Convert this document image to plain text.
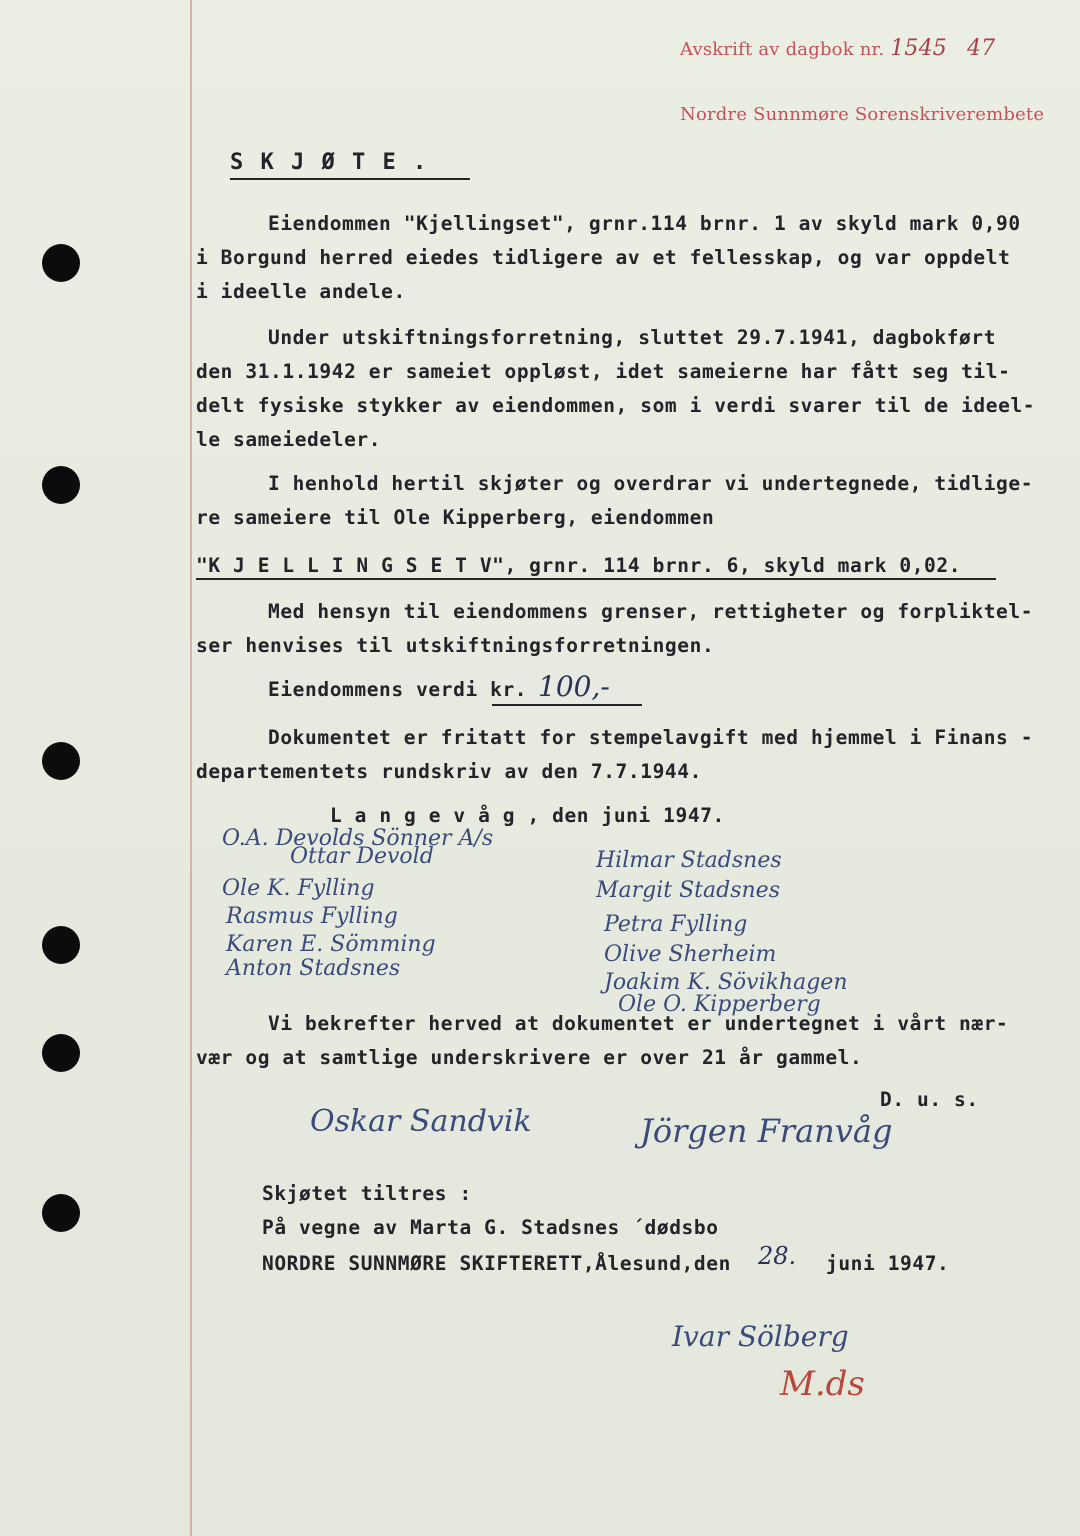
Avskrift av dagbok nr. 1545 47
Nordre Sunnmøre Sorenskriverembete
S K J Ø T E .
Eiendommen "Kjellingset", grnr.114 brnr. 1 av skyld mark 0,90
i Borgund herred eiedes tidligere av et fellesskap, og var oppdelt
i ideelle andele.
Under utskiftningsforretning, sluttet 29.7.1941, dagbokført
den 31.1.1942 er sameiet oppløst, idet sameierne har fått seg til-
delt fysiske stykker av eiendommen, som i verdi svarer til de ideel-
le sameiedeler.
I henhold hertil skjøter og overdrar vi undertegnede, tidlige-
re sameiere til Ole Kipperberg, eiendommen
"K J E L L I N G S E T V", grnr. 114 brnr. 6, skyld mark 0,02.
Med hensyn til eiendommens grenser, rettigheter og forpliktel-
ser henvises til utskiftningsforretningen.
Eiendommens verdi kr. 100,-
Dokumentet er fritatt for stempelavgift med hjemmel i Finans -
departementets rundskriv av den 7.7.1944.
L a n g e v å g , den juni 1947.
O.A. Devolds Sönner A/s
Ottar Devold
Ole K. Fylling
Rasmus Fylling
Karen E. Sömming
Anton Stadsnes
Hilmar Stadsnes
Margit Stadsnes
Petra Fylling
Olive Sherheim
Joakim K. Sövikhagen
Ole O. Kipperberg
Vi bekrefter herved at dokumentet er undertegnet i vårt nær-
vær og at samtlige underskrivere er over 21 år gammel.
D. u. s.
Oskar Sandvik	Jörgen Franvåg
Skjøtet tiltres :
På vegne av Marta G. Stadsnes ´dødsbo
NORDRE SUNNMØRE SKIFTERETT,Ålesund,den 28. juni 1947.
Ivar Sölberg
M.ds
